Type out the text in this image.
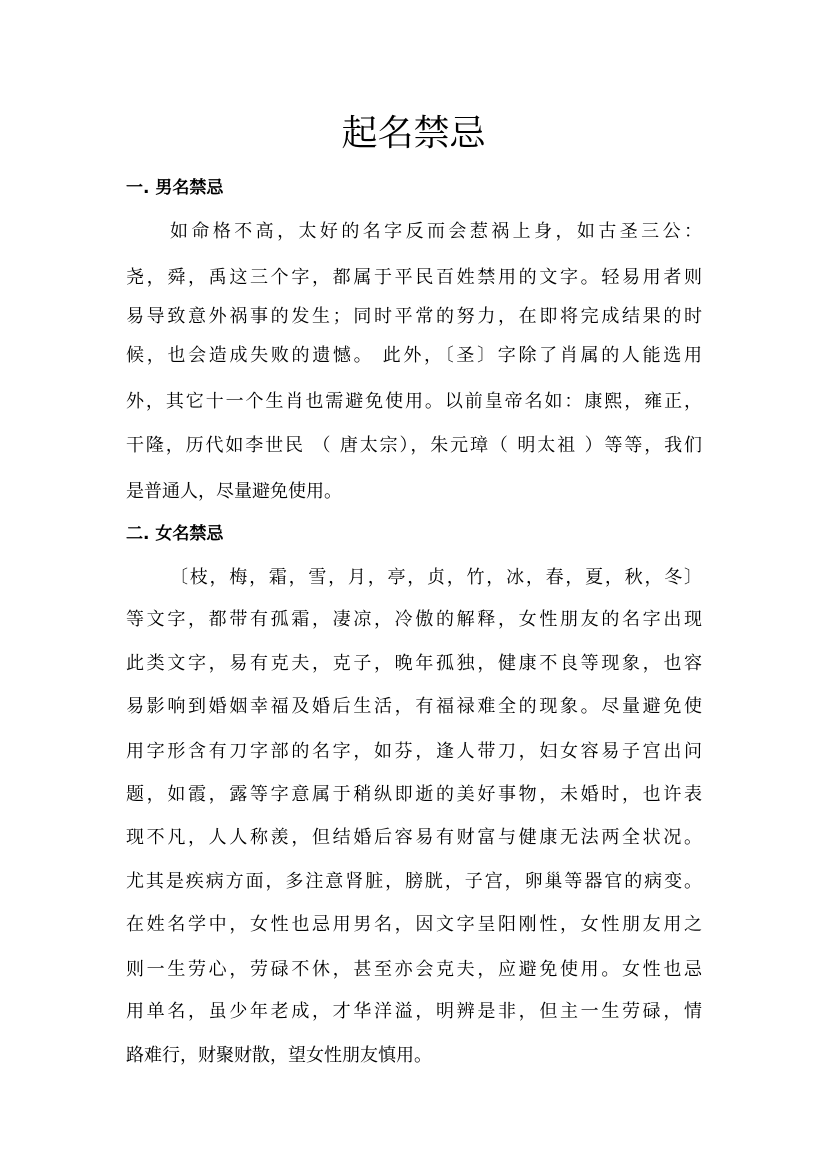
起名禁忌
一. 男名禁忌

如命格不高，太好的名字反而会惹祸上身，如古圣三公：

尧，舜，禹这三个字，都属于平民百姓禁用的文字。轻易用者则

易导致意外祸事的发生；同时平常的努力，在即将完成结果的时

候，也会造成失败的遗憾。 此外，〔圣〕字除了肖属的人能选用

外，其它十一个生肖也需避免使用。以前皇帝名如：康熙，雍正，

干隆，历代如李世民 （ 唐太宗），朱元璋（ 明太祖 ）等等，我们

是普通人，尽量避免使用。

二. 女名禁忌

〔枝，梅，霜，雪，月，亭，贞，竹，冰，春，夏，秋，冬〕

等文字，都带有孤霜，凄凉，冷傲的解释，女性朋友的名字出现

此类文字，易有克夫，克子，晚年孤独，健康不良等现象，也容

易影响到婚姻幸福及婚后生活，有福禄难全的现象。尽量避免使

用字形含有刀字部的名字，如芬，逢人带刀，妇女容易子宫出问

题，如霞，露等字意属于稍纵即逝的美好事物，未婚时，也许表

现不凡，人人称羡，但结婚后容易有财富与健康无法两全状况。

尤其是疾病方面，多注意肾脏，膀胱，子宫，卵巢等器官的病变。

在姓名学中，女性也忌用男名，因文字呈阳刚性，女性朋友用之

则一生劳心，劳碌不休，甚至亦会克夫，应避免使用。女性也忌

用单名，虽少年老成，才华洋溢，明辨是非，但主一生劳碌，情

路难行，财聚财散，望女性朋友慎用。
